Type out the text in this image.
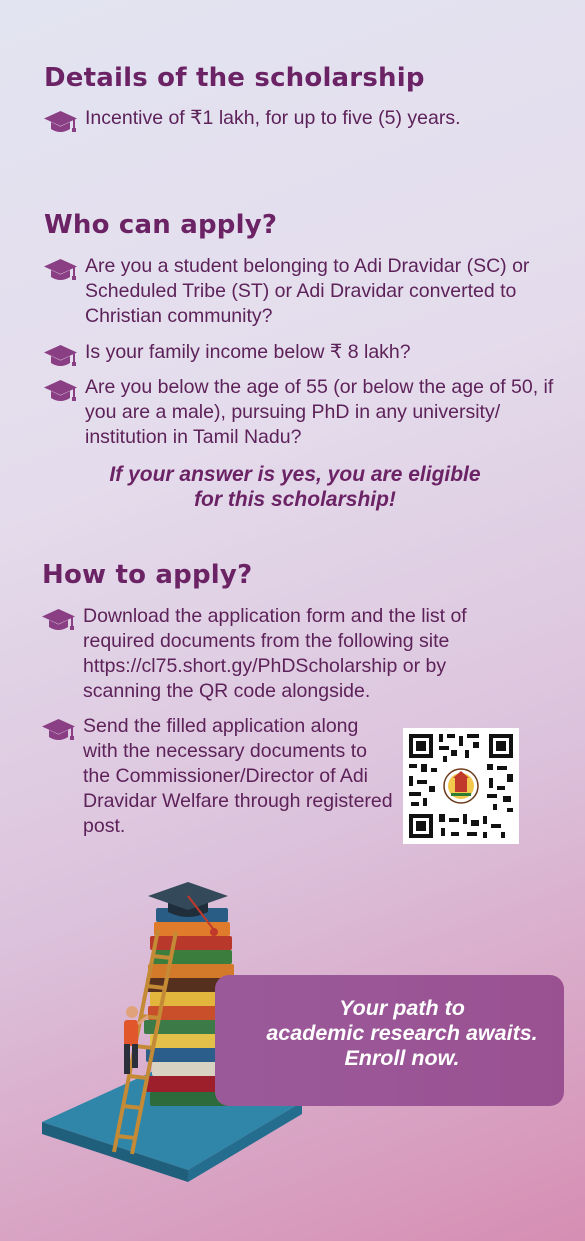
Details of the scholarship
Incentive of ₹1 lakh, for up to five (5) years.
Who can apply?
Are you a student belonging to Adi Dravidar (SC) or Scheduled Tribe (ST) or Adi Dravidar converted to Christian community?
Is your family income below ₹ 8 lakh?
Are you below the age of 55 (or below the age of 50, if you are a male), pursuing PhD in any university/ institution in Tamil Nadu?
If your answer is yes, you are eligible
for this scholarship!
How to apply?
Download the application form and the list of required documents from the following site https://cl75.short.gy/PhDScholarship or by scanning the QR code alongside.
Send the filled application along with the necessary documents to the Commissioner/Director of Adi Dravidar Welfare through registered post.
Your path to
academic research awaits.
Enroll now.
